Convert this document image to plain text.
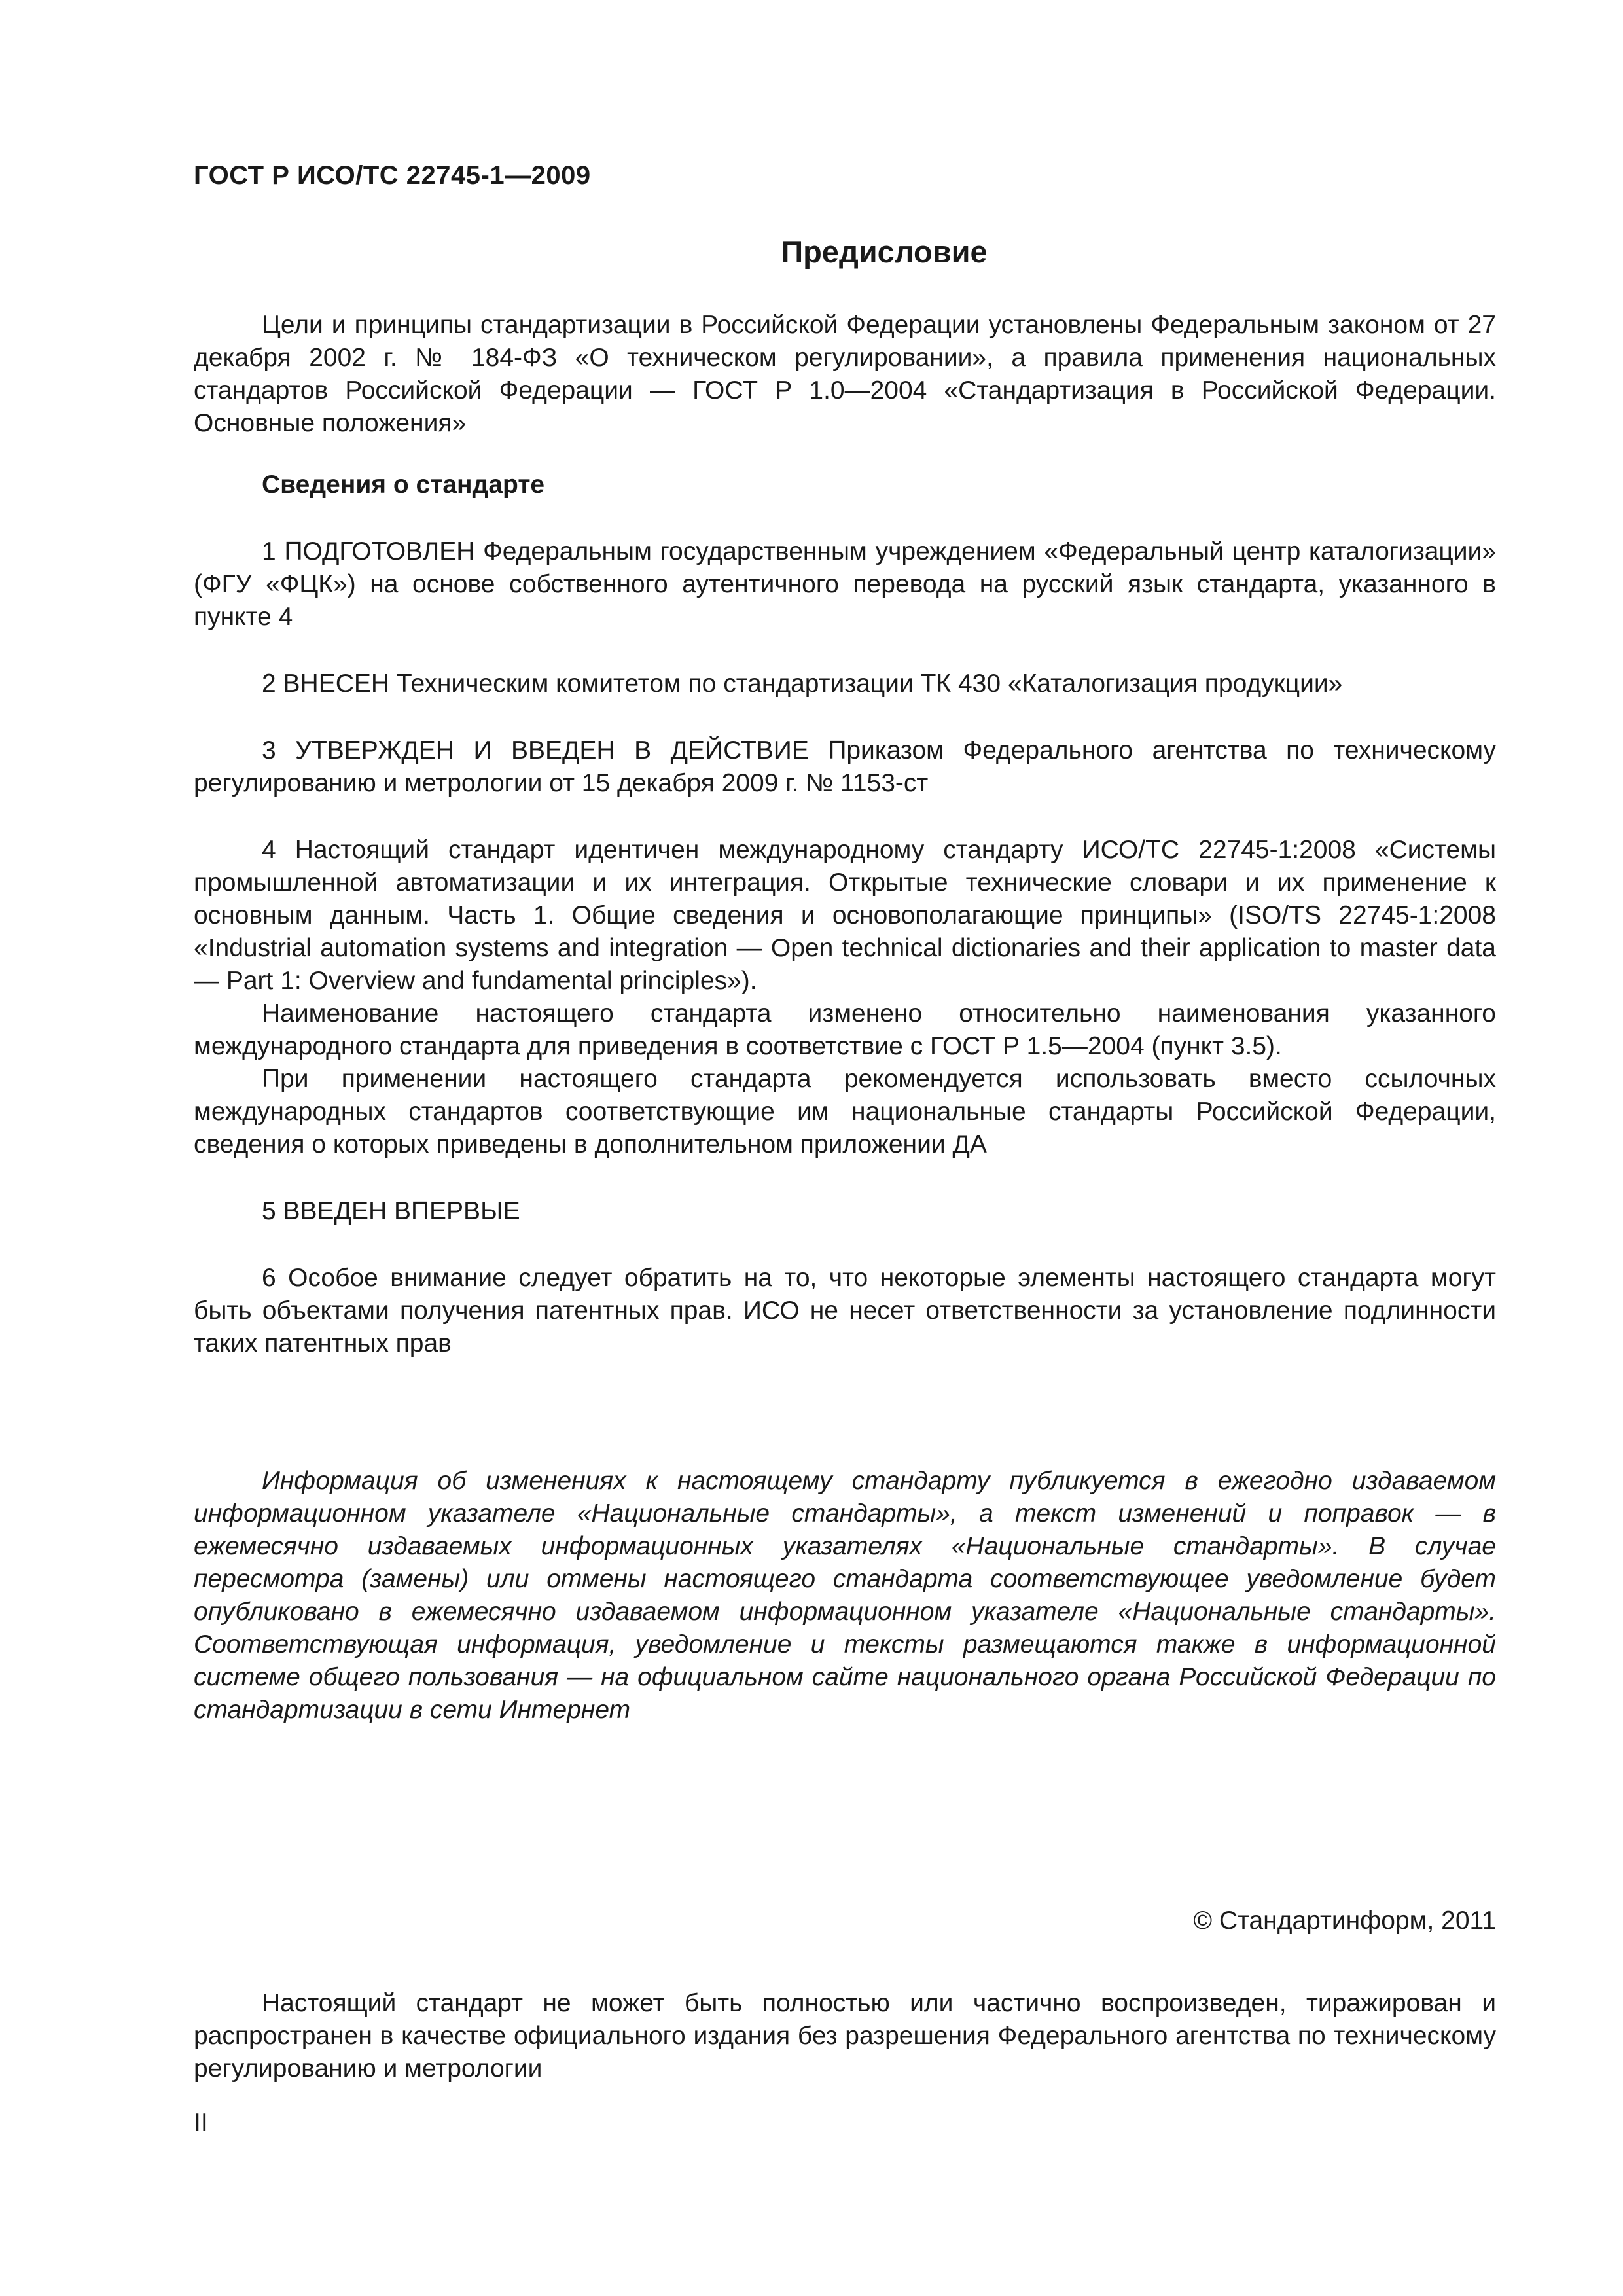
ГОСТ Р ИСО/ТС 22745-1—2009
Предисловие

Цели и принципы стандартизации в Российской Федерации установлены Федеральным законом от 27 декабря 2002 г. № 184-ФЗ «О техническом регулировании», а правила применения национальных стандартов Российской Федерации — ГОСТ Р 1.0—2004 «Стандартизация в Российской Федерации. Основные положения»

Сведения о стандарте

1 ПОДГОТОВЛЕН Федеральным государственным учреждением «Федеральный центр каталогизации» (ФГУ «ФЦК») на основе собственного аутентичного перевода на русский язык стандарта, указанного в пункте 4

2 ВНЕСЕН Техническим комитетом по стандартизации ТК 430 «Каталогизация продукции»

3 УТВЕРЖДЕН И ВВЕДЕН В ДЕЙСТВИЕ Приказом Федерального агентства по техническому регулированию и метрологии от 15 декабря 2009 г. № 1153-ст

4 Настоящий стандарт идентичен международному стандарту ИСО/ТС 22745-1:2008 «Системы промышленной автоматизации и их интеграция. Открытые технические словари и их применение к основным данным. Часть 1. Общие сведения и основополагающие принципы» (ISO/TS 22745-1:2008 «Industrial automation systems and integration — Open technical dictionaries and their application to master data — Part 1: Overview and fundamental principles»).

Наименование настоящего стандарта изменено относительно наименования указанного международного стандарта для приведения в соответствие с ГОСТ Р 1.5—2004 (пункт 3.5).

При применении настоящего стандарта рекомендуется использовать вместо ссылочных международных стандартов соответствующие им национальные стандарты Российской Федерации, сведения о которых приведены в дополнительном приложении ДА

5 ВВЕДЕН ВПЕРВЫЕ

6 Особое внимание следует обратить на то, что некоторые элементы настоящего стандарта могут быть объектами получения патентных прав. ИСО не несет ответственности за установление подлинности таких патентных прав

Информация об изменениях к настоящему стандарту публикуется в ежегодно издаваемом информационном указателе «Национальные стандарты», а текст изменений и поправок — в ежемесячно издаваемых информационных указателях «Национальные стандарты». В случае пересмотра (замены) или отмены настоящего стандарта соответствующее уведомление будет опубликовано в ежемесячно издаваемом информационном указателе «Национальные стандарты». Соответствующая информация, уведомление и тексты размещаются также в информационной системе общего пользования — на официальном сайте национального органа Российской Федерации по стандартизации в сети Интернет

© Стандартинформ, 2011

Настоящий стандарт не может быть полностью или частично воспроизведен, тиражирован и распространен в качестве официального издания без разрешения Федерального агентства по техническому регулированию и метрологии

II
